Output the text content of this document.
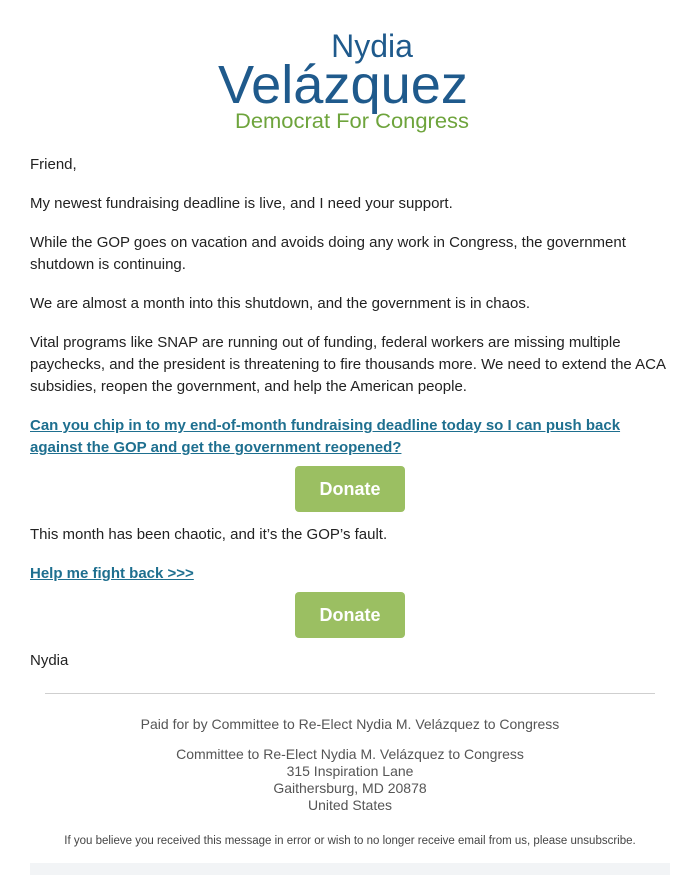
Nydia
Velázquez
Democrat For Congress

Friend,

My newest fundraising deadline is live, and I need your support.

While the GOP goes on vacation and avoids doing any work in Congress, the government shutdown is continuing.

We are almost a month into this shutdown, and the government is in chaos.

Vital programs like SNAP are running out of funding, federal workers are missing multiple paychecks, and the president is threatening to fire thousands more. We need to extend the ACA subsidies, reopen the government, and help the American people.

Can you chip in to my end-of-month fundraising deadline today so I can push back against the GOP and get the government reopened?

Donate

This month has been chaotic, and it’s the GOP’s fault.

Help me fight back >>>

Donate

Nydia

Paid for by Committee to Re-Elect Nydia M. Velázquez to Congress
Committee to Re-Elect Nydia M. Velázquez to Congress
315 Inspiration Lane
Gaithersburg, MD 20878
United States
If you believe you received this message in error or wish to no longer receive email from us, please unsubscribe.
